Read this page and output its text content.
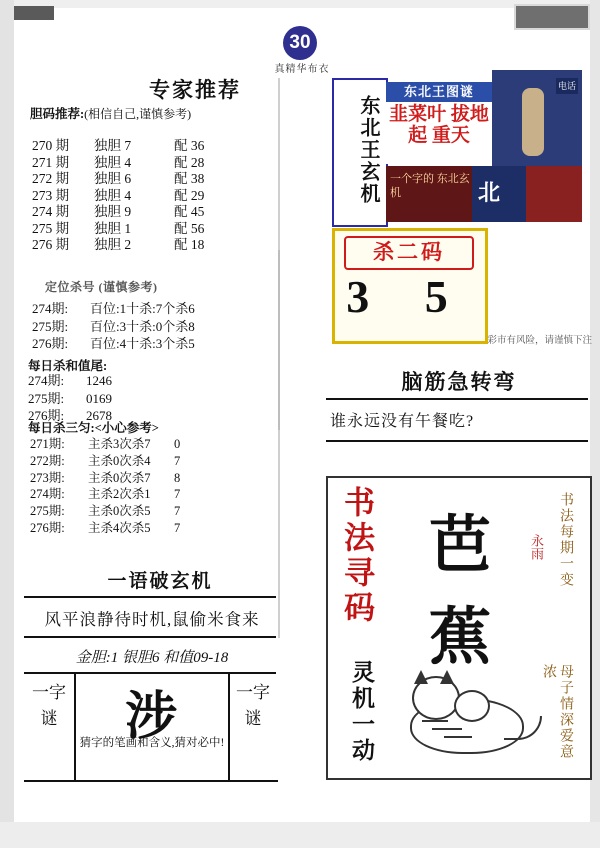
30
真精华布衣
专家推荐
胆码推荐:(相信自己,谨慎参考)
270 期	独胆 7	配 36
271 期	独胆 4	配 28
272 期	独胆 6	配 38
273 期	独胆 4	配 29
274 期	独胆 9	配 45
275 期	独胆 1	配 56
276 期	独胆 2	配 18
定位杀号 (谨慎参考)
274期: 百位:1十杀:7个杀6
275期: 百位:3十杀:0个杀8
276期: 百位:4十杀:3个杀5
每日杀和值尾:
274期: 1246
275期: 0169
276期: 2678
每日杀三匀:<小心参考>
271期: 主杀3次杀7 0
272期: 主杀0次杀4 7
273期: 主杀0次杀7 8
274期: 主杀2次杀1 7
275期: 主杀0次杀5 7
276期: 主杀4次杀5 7
一语破玄机
风平浪静待时机,鼠偷米食来
金胆:1 银胆6 和值09-18
一字谜	涉	一字谜
猜字的笔画和含义,猜对必中!
东北王玄机
东北王图谜
韭菜叶 拔地起 重天
电话
一个字的 东北玄机	北
杀二码
3 5
彩市有风险，请谨慎下注
脑筋急转弯
谁永远没有午餐吃?
书法寻码 芭蕉
永雨	书法每期一变
灵机一动	母子情深爱意浓
